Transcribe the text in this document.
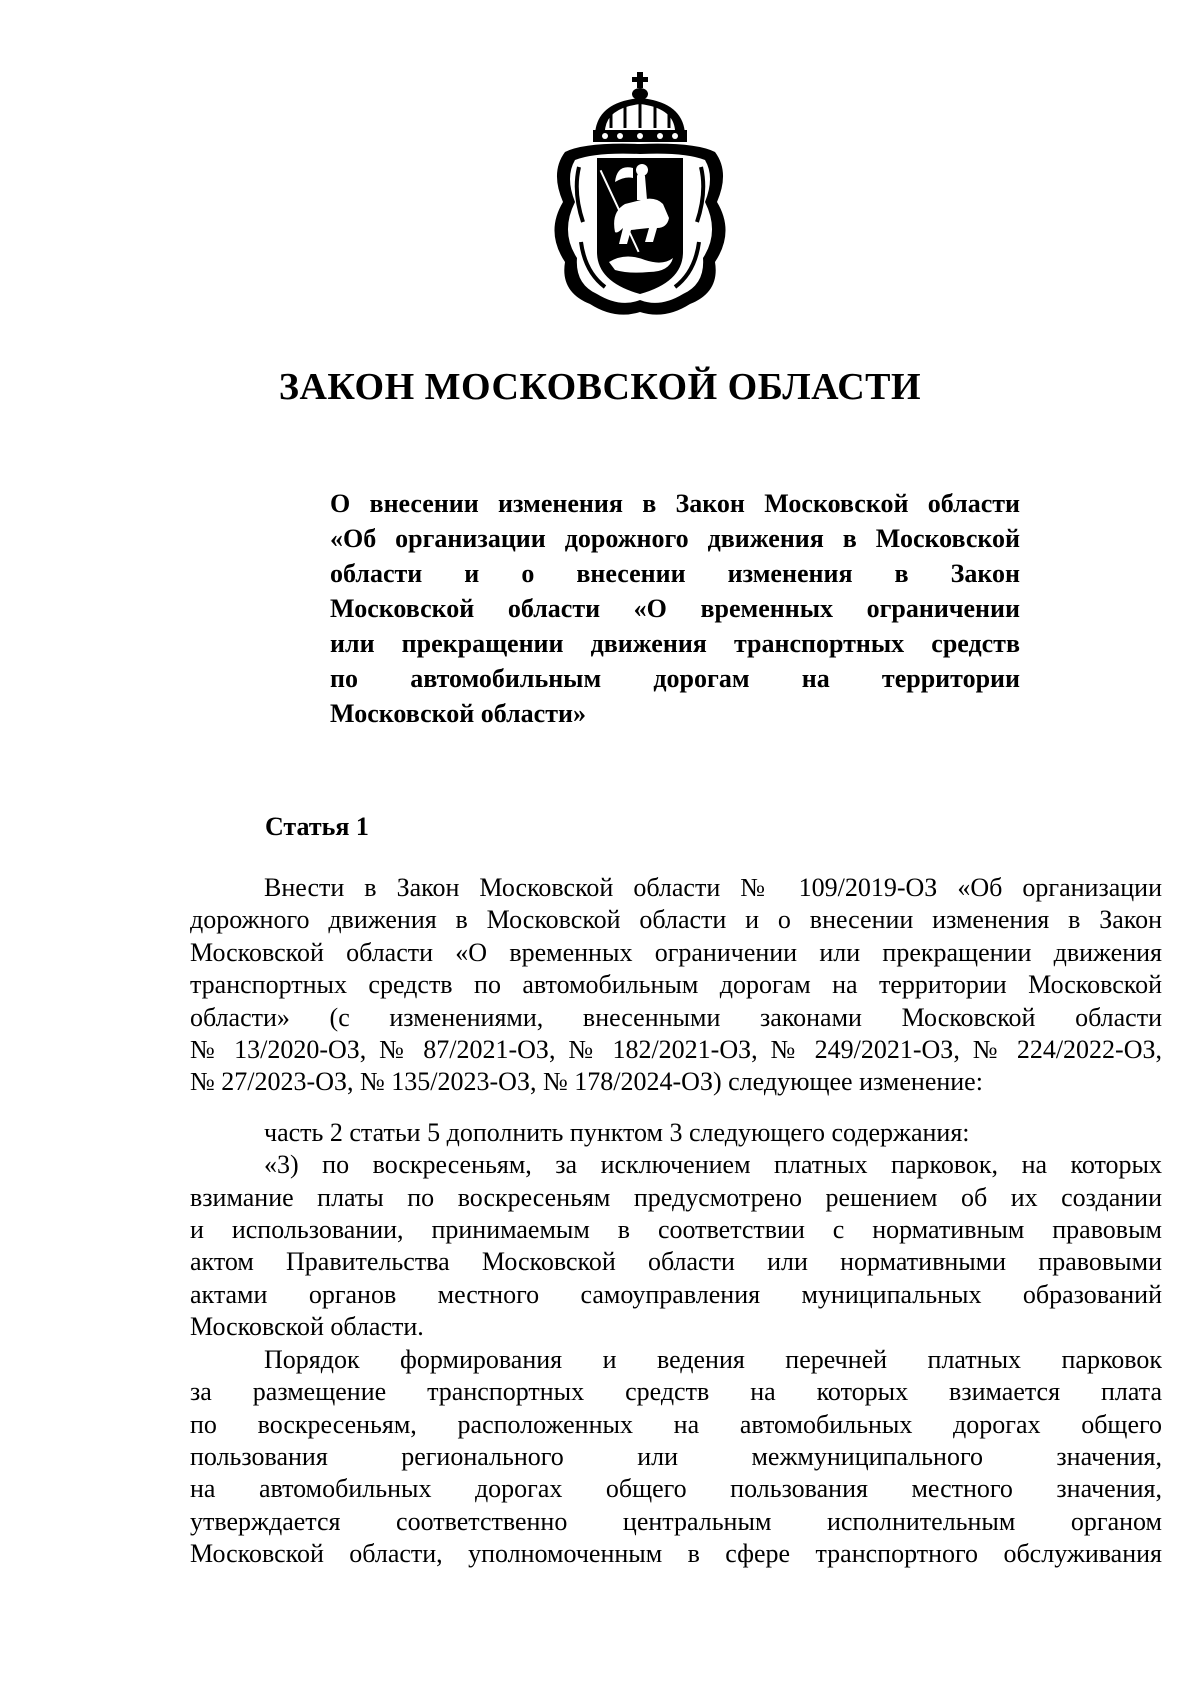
ЗАКОН МОСКОВСКОЙ ОБЛАСТИ
О внесении изменения в Закон Московской области
«Об организации дорожного движения в Московской
области и о внесении изменения в Закон
Московской области «О временных ограничении
или прекращении движения транспортных средств
по автомобильным дорогам на территории
Московской области»
Статья 1
Внести в Закон Московской области № 109/2019-ОЗ «Об организации
дорожного движения в Московской области и о внесении изменения в Закон
Московской области «О временных ограничении или прекращении движения
транспортных средств по автомобильным дорогам на территории Московской
области» (с изменениями, внесенными законами Московской области
№ 13/2020-ОЗ, № 87/2021-ОЗ, № 182/2021-ОЗ, № 249/2021-ОЗ, № 224/2022-ОЗ,
№ 27/2023-ОЗ, № 135/2023-ОЗ, № 178/2024-ОЗ) следующее изменение:
часть 2 статьи 5 дополнить пунктом 3 следующего содержания:
«3) по воскресеньям, за исключением платных парковок, на которых
взимание платы по воскресеньям предусмотрено решением об их создании
и использовании, принимаемым в соответствии с нормативным правовым
актом Правительства Московской области или нормативными правовыми
актами органов местного самоуправления муниципальных образований
Московской области.
Порядок формирования и ведения перечней платных парковок
за размещение транспортных средств на которых взимается плата
по воскресеньям, расположенных на автомобильных дорогах общего
пользования регионального или межмуниципального значения,
на автомобильных дорогах общего пользования местного значения,
утверждается соответственно центральным исполнительным органом
Московской области, уполномоченным в сфере транспортного обслуживания
